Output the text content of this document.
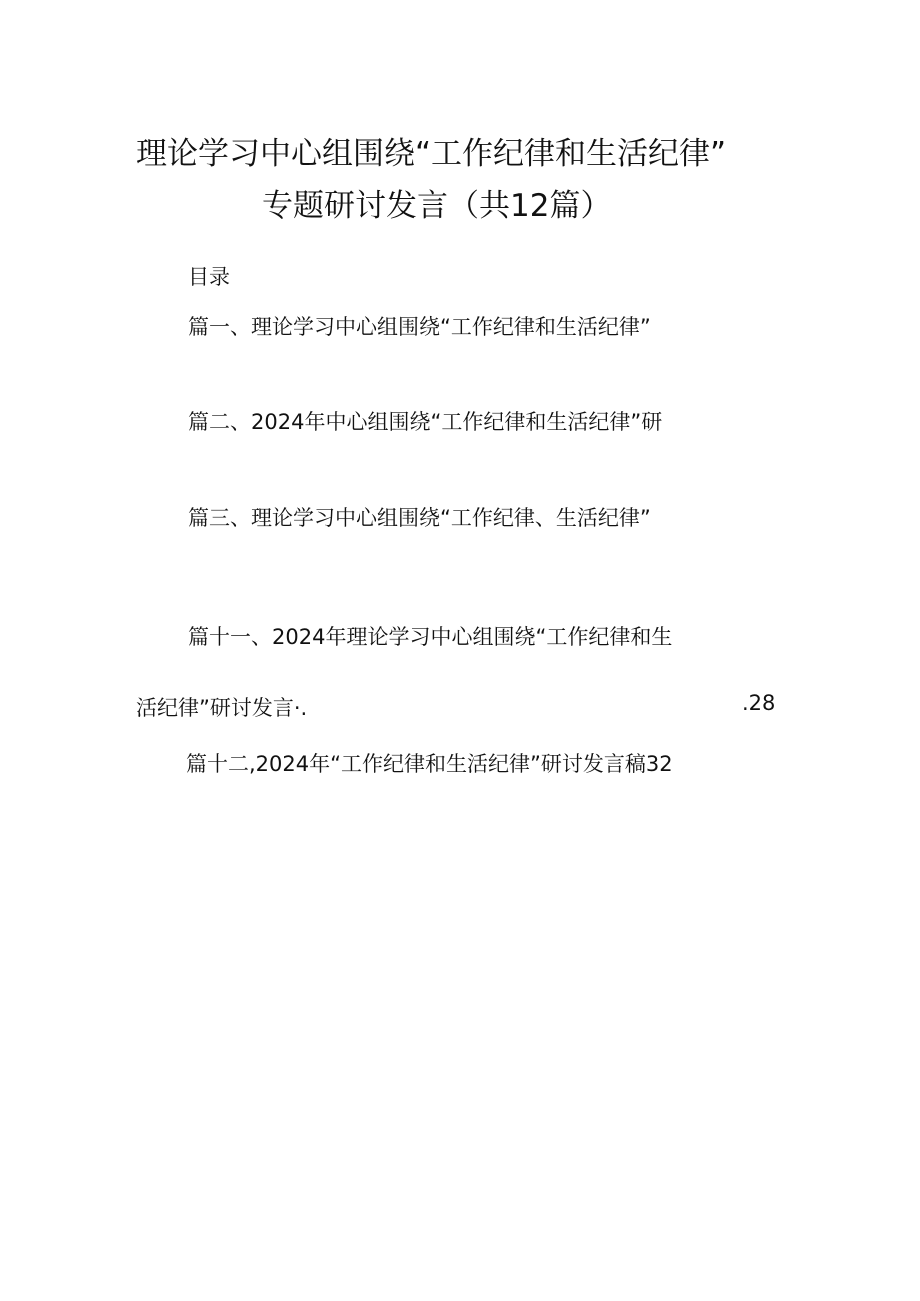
理论学习中心组围绕“工作纪律和生活纪律”
专题研讨发言（共12篇）
目录
篇一、理论学习中心组围绕“工作纪律和生活纪律”
篇二、2024年中心组围绕“工作纪律和生活纪律”研
篇三、理论学习中心组围绕“工作纪律、生活纪律”
篇十一、2024年理论学习中心组围绕“工作纪律和生
活纪律”研讨发言·.	.28
篇十二,2024年“工作纪律和生活纪律”研讨发言稿32
